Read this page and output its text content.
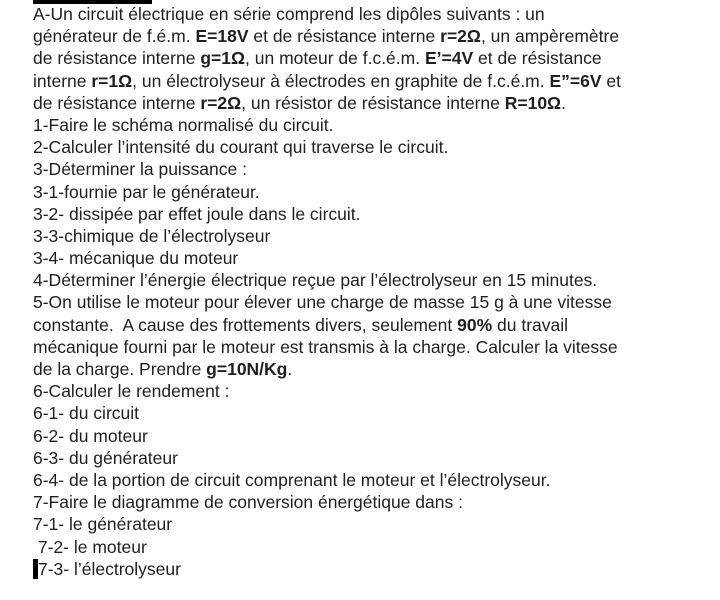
A-Un circuit électrique en série comprend les dipôles suivants : un
générateur de f.é.m. E=18V et de résistance interne r=2Ω, un ampèremètre
de résistance interne g=1Ω, un moteur de f.c.é.m. E’=4V et de résistance
interne r=1Ω, un électrolyseur à électrodes en graphite de f.c.é.m. E”=6V et
de résistance interne r=2Ω, un résistor de résistance interne R=10Ω.
1-Faire le schéma normalisé du circuit.
2-Calculer l’intensité du courant qui traverse le circuit.
3-Déterminer la puissance :
3-1-fournie par le générateur.
3-2- dissipée par effet joule dans le circuit.
3-3-chimique de l’électrolyseur
3-4- mécanique du moteur
4-Déterminer l’énergie électrique reçue par l’électrolyseur en 15 minutes.
5-On utilise le moteur pour élever une charge de masse 15 g à une vitesse
constante.  A cause des frottements divers, seulement 90% du travail
mécanique fourni par le moteur est transmis à la charge. Calculer la vitesse
de la charge. Prendre g=10N/Kg.
6-Calculer le rendement :
6-1- du circuit
6-2- du moteur
6-3- du générateur
6-4- de la portion de circuit comprenant le moteur et l’électrolyseur.
7-Faire le diagramme de conversion énergétique dans :
7-1- le générateur
7-2- le moteur
7-3- l’électrolyseur
